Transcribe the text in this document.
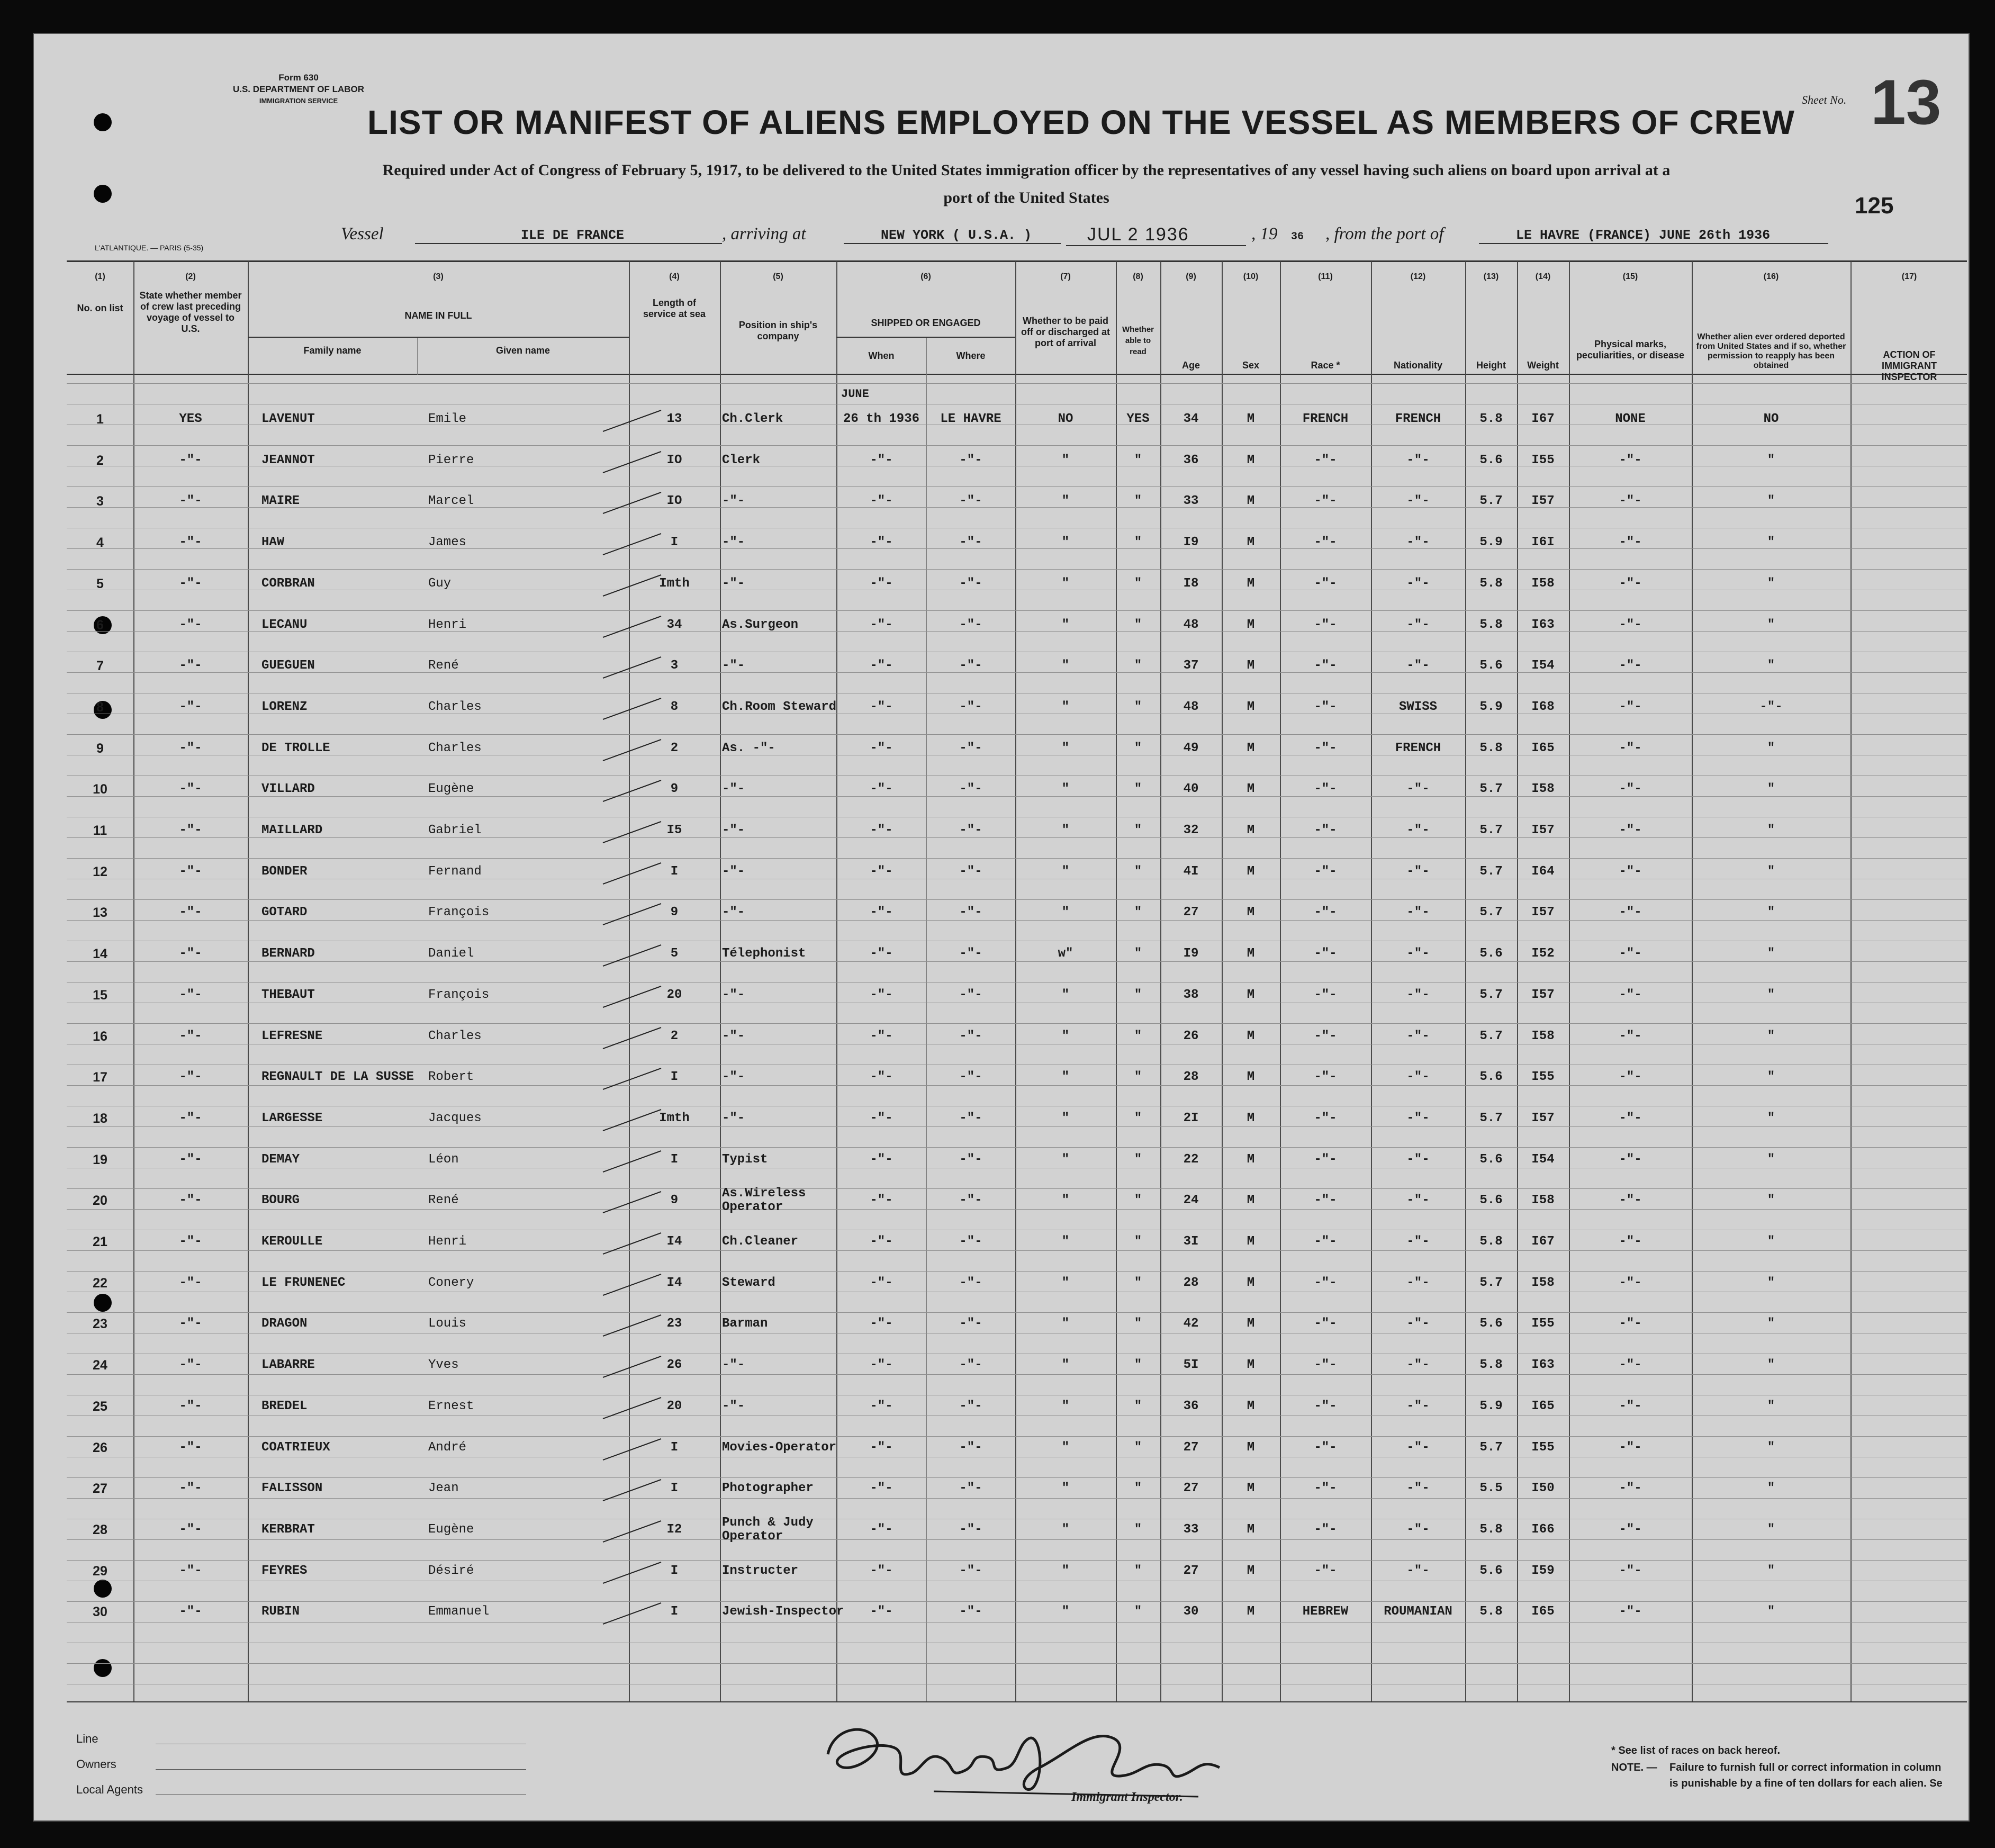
Form 630
U.S. DEPARTMENT OF LABOR
IMMIGRATION SERVICE	Sheet No. 13
125
LIST OR MANIFEST OF ALIENS EMPLOYED ON THE VESSEL AS MEMBERS OF CREW
Required under Act of Congress of February 5, 1917, to be delivered to the United States immigration officer by the representatives of any vessel having such aliens on board upon arrival at a
port of the United States
L'ATLANTIQUE. — PARIS (5-35)
Vessel	ILE DE FRANCE	, arriving at	NEW YORK ( U.S.A. )	JUL 2 1936	, 19 36 , from the port of	LE HAVRE (FRANCE) JUNE 26th 1936
(1)	(2)	(3)	(4)	(5)	(6)	(7)	(8)	(9)	(10)	(11)	(12)	(13)	(14)	(15)	(16)	(17)
No. on list
State whether member of crew last preceding voyage of vessel to U.S.
NAME IN FULL
Family name	Given name
Length of service at sea
Position in ship's company
SHIPPED OR ENGAGED
When	Where
Whether to be paid off or discharged at port of arrival
Whether able to read
Age	Sex	Race *	Nationality	Height	Weight
Physical marks, peculiarities, or disease
Whether alien ever ordered deported from United States and if so, whether permission to reapply has been obtained
ACTION OF IMMIGRANT INSPECTOR
JUNE
1	YES	LAVENUT	Emile	13	Ch.Clerk	26 th 1936	LE HAVRE	NO	YES	34	M	FRENCH	FRENCH	5.8	I67	NONE	NO
2	-"-	JEANNOT	Pierre	IO	Clerk	-"-	-"-	"	"	36	M	-"-	-"-	5.6	I55	-"-	"
3	-"-	MAIRE	Marcel	IO	-"-	-"-	-"-	"	"	33	M	-"-	-"-	5.7	I57	-"-	"
4	-"-	HAW	James	I	-"-	-"-	-"-	"	"	I9	M	-"-	-"-	5.9	I6I	-"-	"
5	-"-	CORBRAN	Guy	Imth	-"-	-"-	-"-	"	"	I8	M	-"-	-"-	5.8	I58	-"-	"
6	-"-	LECANU	Henri	34	As.Surgeon	-"-	-"-	"	"	48	M	-"-	-"-	5.8	I63	-"-	"
7	-"-	GUEGUEN	René	3	-"-	-"-	-"-	"	"	37	M	-"-	-"-	5.6	I54	-"-	"
8	-"-	LORENZ	Charles	8	Ch.Room Steward	-"-	-"-	"	"	48	M	-"-	SWISS	5.9	I68	-"-	-"-
9	-"-	DE TROLLE	Charles	2	As. -"-	-"-	-"-	"	"	49	M	-"-	FRENCH	5.8	I65	-"-	"
10	-"-	VILLARD	Eugène	9	-"-	-"-	-"-	"	"	40	M	-"-	-"-	5.7	I58	-"-	"
11	-"-	MAILLARD	Gabriel	I5	-"-	-"-	-"-	"	"	32	M	-"-	-"-	5.7	I57	-"-	"
12	-"-	BONDER	Fernand	I	-"-	-"-	-"-	"	"	4I	M	-"-	-"-	5.7	I64	-"-	"
13	-"-	GOTARD	François	9	-"-	-"-	-"-	"	"	27	M	-"-	-"-	5.7	I57	-"-	"
14	-"-	BERNARD	Daniel	5	Télephonist	-"-	-"-	w"	"	I9	M	-"-	-"-	5.6	I52	-"-	"
15	-"-	THEBAUT	François	20	-"-	-"-	-"-	"	"	38	M	-"-	-"-	5.7	I57	-"-	"
16	-"-	LEFRESNE	Charles	2	-"-	-"-	-"-	"	"	26	M	-"-	-"-	5.7	I58	-"-	"
17	-"-	REGNAULT DE LA SUSSE	Robert	I	-"-	-"-	-"-	"	"	28	M	-"-	-"-	5.6	I55	-"-	"
18	-"-	LARGESSE	Jacques	Imth	-"-	-"-	-"-	"	"	2I	M	-"-	-"-	5.7	I57	-"-	"
19	-"-	DEMAY	Léon	I	Typist	-"-	-"-	"	"	22	M	-"-	-"-	5.6	I54	-"-	"
20	-"-	BOURG	René	9	As.Wireless Operator	-"-	-"-	"	"	24	M	-"-	-"-	5.6	I58	-"-	"
21	-"-	KEROULLE	Henri	I4	Ch.Cleaner	-"-	-"-	"	"	3I	M	-"-	-"-	5.8	I67	-"-	"
22	-"-	LE FRUNENEC	Conery	I4	Steward	-"-	-"-	"	"	28	M	-"-	-"-	5.7	I58	-"-	"
23	-"-	DRAGON	Louis	23	Barman	-"-	-"-	"	"	42	M	-"-	-"-	5.6	I55	-"-	"
24	-"-	LABARRE	Yves	26	-"-	-"-	-"-	"	"	5I	M	-"-	-"-	5.8	I63	-"-	"
25	-"-	BREDEL	Ernest	20	-"-	-"-	-"-	"	"	36	M	-"-	-"-	5.9	I65	-"-	"
26	-"-	COATRIEUX	André	I	Movies-Operator	-"-	-"-	"	"	27	M	-"-	-"-	5.7	I55	-"-	"
27	-"-	FALISSON	Jean	I	Photographer	-"-	-"-	"	"	27	M	-"-	-"-	5.5	I50	-"-	"
28	-"-	KERBRAT	Eugène	I2	Punch & Judy Operator	-"-	-"-	"	"	33	M	-"-	-"-	5.8	I66	-"-	"
29	-"-	FEYRES	Désiré	I	Instructer	-"-	-"-	"	"	27	M	-"-	-"-	5.6	I59	-"-	"
30	-"-	RUBIN	Emmanuel	I	Jewish-Inspector	-"-	-"-	"	"	30	M	HEBREW	ROUMANIAN	5.8	I65	-"-	"
Line
Owners
Local Agents
Immigrant Inspector.
* See list of races on back hereof.
NOTE. — Failure to furnish full or correct information in column
is punishable by a fine of ten dollars for each alien. Se
